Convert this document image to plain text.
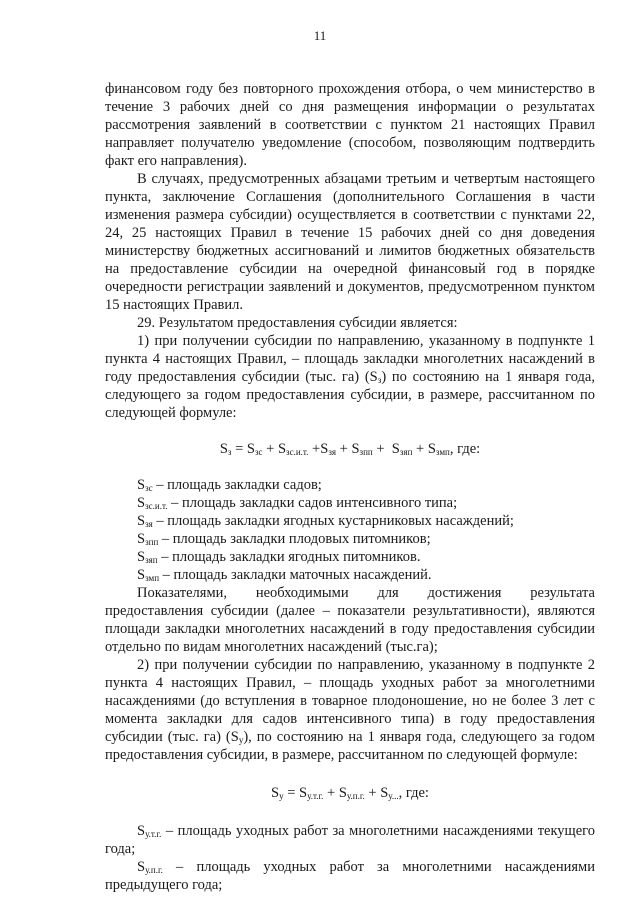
11

финансовом году без повторного прохождения отбора, о чем министерство в течение 3 рабочих дней со дня размещения информации о результатах рассмотрения заявлений в соответствии с пунктом 21 настоящих Правил направляет получателю уведомление (способом, позволяющим подтвердить факт его направления).

В случаях, предусмотренных абзацами третьим и четвертым настоящего пункта, заключение Соглашения (дополнительного Соглашения в части изменения размера субсидии) осуществляется в соответствии с пунктами 22, 24, 25 настоящих Правил в течение 15 рабочих дней со дня доведения министерству бюджетных ассигнований и лимитов бюджетных обязательств на предоставление субсидии на очередной финансовый год в порядке очередности регистрации заявлений и документов, предусмотренном пунктом 15 настоящих Правил.

29. Результатом предоставления субсидии является:

1) при получении субсидии по направлению, указанному в подпункте 1 пункта 4 настоящих Правил, – площадь закладки многолетних насаждений в году предоставления субсидии (тыс. га) $(S_з)$ по состоянию на 1 января года, следующего за годом предоставления субсидии, в размере, рассчитанном по следующей формуле:

$S_з = S_{зс} + S_{зс.и.т.} +S_{зя} + S_{зпп} + S_{зяп} + S_{змп}$, где:

$S_{зс}$ – площадь закладки садов;

$S_{зс.и.т.}$ – площадь закладки садов интенсивного типа;

$S_{зя}$ – площадь закладки ягодных кустарниковых насаждений;

$S_{зпп}$ – площадь закладки плодовых питомников;

$S_{зяп}$ – площадь закладки ягодных питомников.

$S_{змп}$ – площадь закладки маточных насаждений.

Показателями, необходимыми для достижения результата предоставления субсидии (далее – показатели результативности), являются площади закладки многолетних насаждений в году предоставления субсидии отдельно по видам многолетних насаждений (тыс.га);

2) при получении субсидии по направлению, указанному в подпункте 2 пункта 4 настоящих Правил, – площадь уходных работ за многолетними насаждениями (до вступления в товарное плодоношение, но не более 3 лет с момента закладки для садов интенсивного типа) в году предоставления субсидии (тыс. га) $(S_у)$, по состоянию на 1 января года, следующего за годом предоставления субсидии, в размере, рассчитанном по следующей формуле:

$S_у = S_{у.т.г.} + S_{у.п.г.} + S_{у...}$, где:

$S_{у.т.г.}$ – площадь уходных работ за многолетними насаждениями текущего года;

$S_{у.п.г.}$ – площадь уходных работ за многолетними насаждениями предыдущего года;
